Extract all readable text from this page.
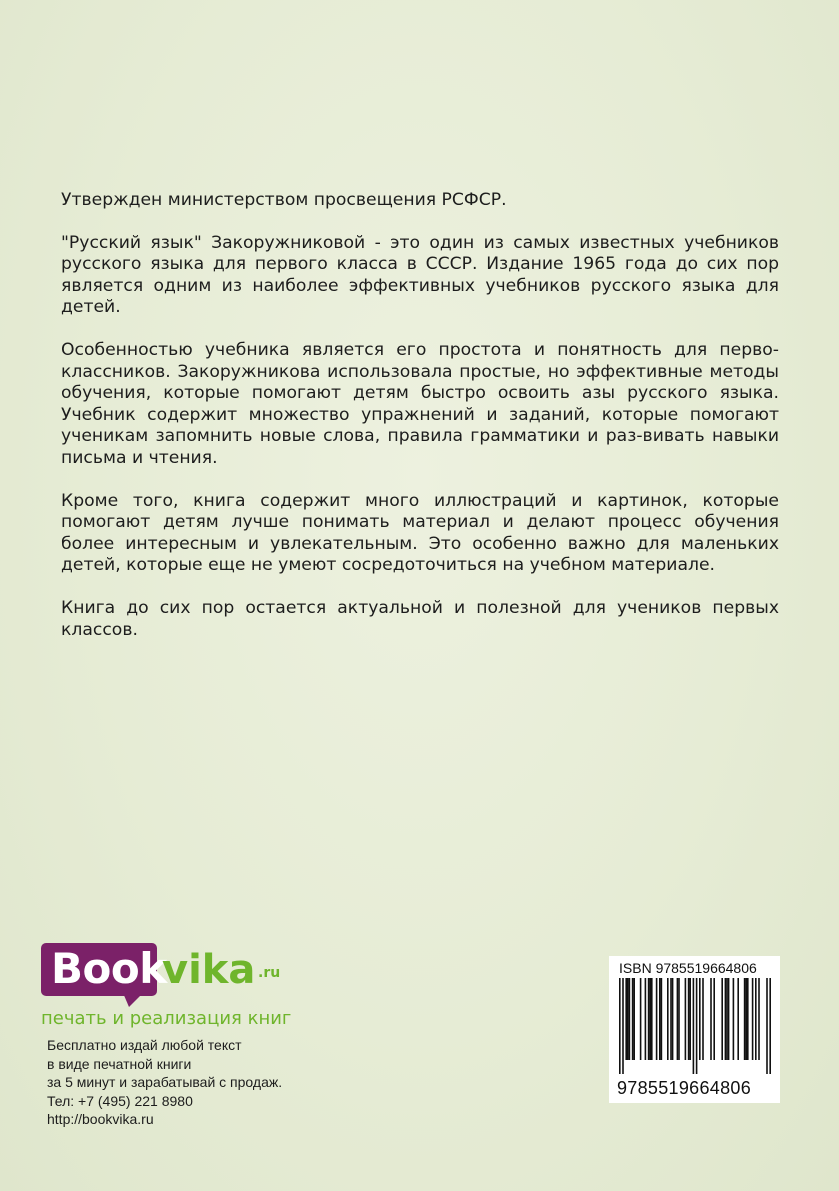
Утвержден министерством просвещения РСФСР.

"Русский язык" Закоружниковой - это один из самых известных учебников русского языка для первого класса в СССР. Издание 1965 года до сих пор является одним из наиболее эффективных учебников русского языка для детей.

Особенностью учебника является его простота и понятность для перво-классников. Закоружникова использовала простые, но эффективные методы обучения, которые помогают детям быстро освоить азы русского языка. Учебник содержит множество упражнений и заданий, которые помогают ученикам запомнить новые слова, правила грамматики и раз-вивать навыки письма и чтения.

Кроме того, книга содержит много иллюстраций и картинок, которые помогают детям лучше понимать материал и делают процесс обучения более интересным и увлекательным. Это особенно важно для маленьких детей, которые еще не умеют сосредоточиться на учебном материале.

Книга до сих пор остается актуальной и полезной для учеников первых классов.

Book
vika .ru
печать и реализация книг
Бесплатно издай любой текст
в виде печатной книги
за 5 минут и зарабатывай с продаж.
Тел: +7 (495) 221 8980
http://bookvika.ru
ISBN 9785519664806
9785519664806
